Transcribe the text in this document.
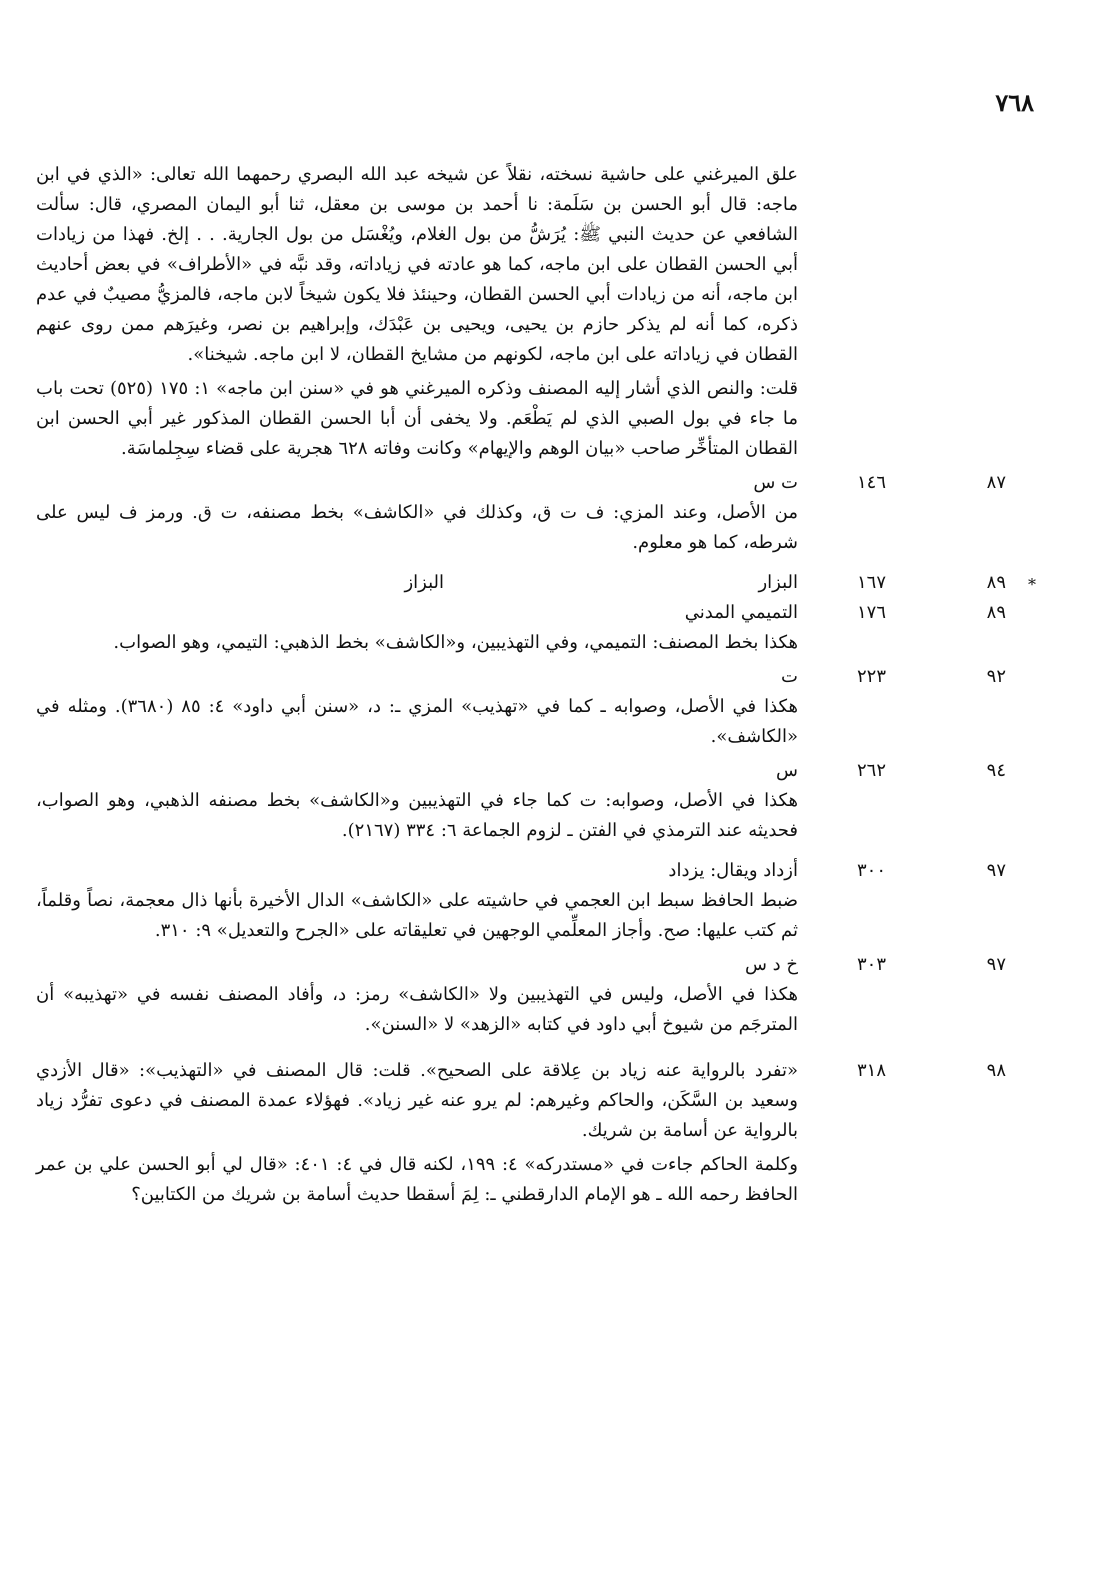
٧٦٨

علق الميرغني على حاشية نسخته، نقلاً عن شيخه عبد الله البصري رحمهما الله تعالى: «الذي في ابن ماجه: قال أبو الحسن بن سَلَمة: نا أحمد بن موسى بن معقل، ثنا أبو اليمان المصري، قال: سألت الشافعي عن حديث النبي ﷺ: يُرَشُّ من بول الغلام، ويُغْسَل من بول الجارية. . . إلخ. فهذا من زيادات أبي الحسن القطان على ابن ماجه، كما هو عادته في زياداته، وقد نبَّه في «الأطراف» في بعض أحاديث ابن ماجه، أنه من زيادات أبي الحسن القطان، وحينئذ فلا يكون شيخاً لابن ماجه، فالمزيُّ مصيبٌ في عدم ذكره، كما أنه لم يذكر حازم بن يحيى، ويحيى بن عَبْدَك، وإبراهيم بن نصر، وغيرَهم ممن روى عنهم القطان في زياداته على ابن ماجه، لكونهم من مشايخ القطان، لا ابن ماجه. شيخنا».

قلت: والنص الذي أشار إليه المصنف وذكره الميرغني هو في «سنن ابن ماجه» ١: ١٧٥ (٥٢٥) تحت باب ما جاء في بول الصبي الذي لم يَطْعَم. ولا يخفى أن أبا الحسن القطان المذكور غير أبي الحسن ابن القطان المتأخِّر صاحب «بيان الوهم والإيهام» وكانت وفاته ٦٢٨ هجرية على قضاء سِجِلماسَة.

٨٧
١٤٦
ت س

من الأصل، وعند المزي: ف ت ق، وكذلك في «الكاشف» بخط مصنفه، ت ق. ورمز ف ليس على شرطه، كما هو معلوم.

*
٨٩
١٦٧
البزار
البزاز
٨٩
١٧٦
التميمي المدني

هكذا بخط المصنف: التميمي، وفي التهذيبين، و«الكاشف» بخط الذهبي: التيمي، وهو الصواب.

٩٢
٢٢٣
ت

هكذا في الأصل، وصوابه ـ كما في «تهذيب» المزي ـ: د، «سنن أبي داود» ٤: ٨٥ (٣٦٨٠). ومثله في «الكاشف».

٩٤
٢٦٢
س

هكذا في الأصل، وصوابه: ت كما جاء في التهذيبين و«الكاشف» بخط مصنفه الذهبي، وهو الصواب، فحديثه عند الترمذي في الفتن ـ لزوم الجماعة ٦: ٣٣٤ (٢١٦٧).

٩٧
٣٠٠
أزداد ويقال: يزداد

ضبط الحافظ سبط ابن العجمي في حاشيته على «الكاشف» الدال الأخيرة بأنها ذال معجمة، نصاً وقلماً، ثم كتب عليها: صح. وأجاز المعلِّمي الوجهين في تعليقاته على «الجرح والتعديل» ٩: ٣١٠.

٩٧
٣٠٣
خ د س

هكذا في الأصل، وليس في التهذيبين ولا «الكاشف» رمز: د، وأفاد المصنف نفسه في «تهذيبه» أن المترجَم من شيوخ أبي داود في كتابه «الزهد» لا «السنن».

٩٨
٣١٨

«تفرد بالرواية عنه زياد بن عِلاقة على الصحيح». قلت: قال المصنف في «التهذيب»: «قال الأزدي وسعيد بن السَّكَن، والحاكم وغيرهم: لم يرو عنه غير زياد». فهؤلاء عمدة المصنف في دعوى تفرُّد زياد بالرواية عن أسامة بن شريك.

وكلمة الحاكم جاءت في «مستدركه» ٤: ١٩٩، لكنه قال في ٤: ٤٠١: «قال لي أبو الحسن علي بن عمر الحافظ رحمه الله ـ هو الإمام الدارقطني ـ: لِمَ أسقطا حديث أسامة بن شريك من الكتابين؟
